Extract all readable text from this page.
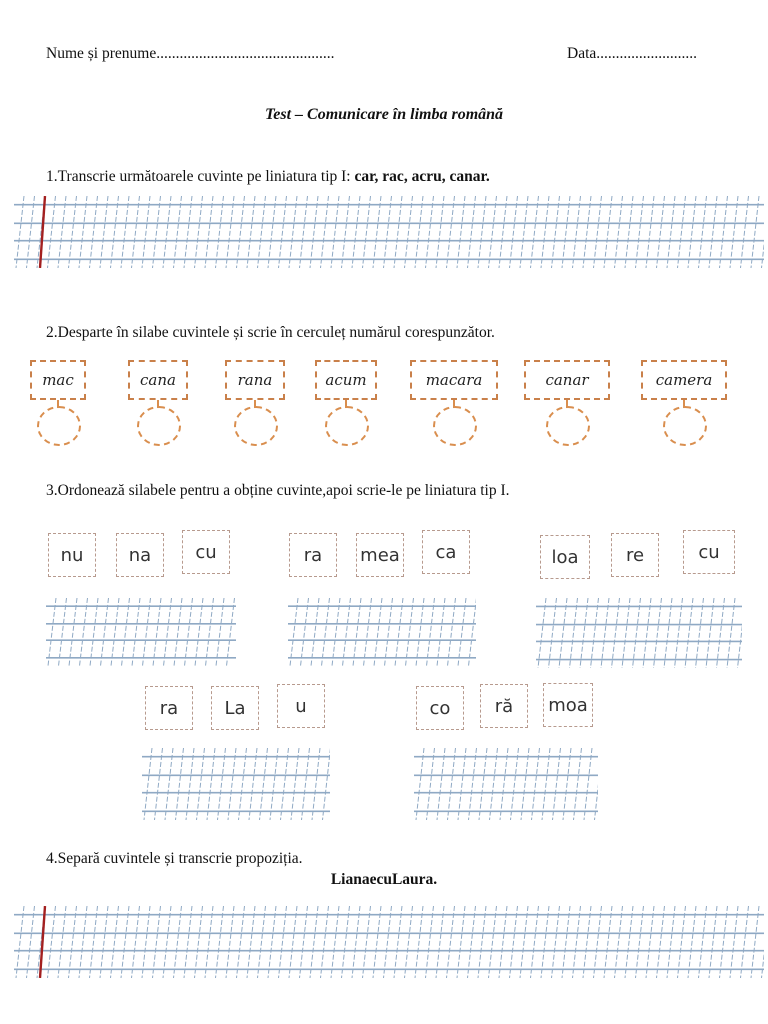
Nume și prenume..............................................	Data..........................
Test – Comunicare în limba română
1.Transcrie următoarele cuvinte pe liniatura tip I: car, rac, acru, canar.
2.Desparte în silabe cuvintele și scrie în cerculeț numărul corespunzător.
mac	cana	rana	acum	macara	canar	camera
3.Ordonează silabele pentru a obține cuvinte,apoi scrie-le pe liniatura tip I.
nu	na	cu	ra	mea	ca	loa	re	cu
ra	La	u	co	ră	moa
4.Separă cuvintele și transcrie propoziția.
LianaecuLaura.
